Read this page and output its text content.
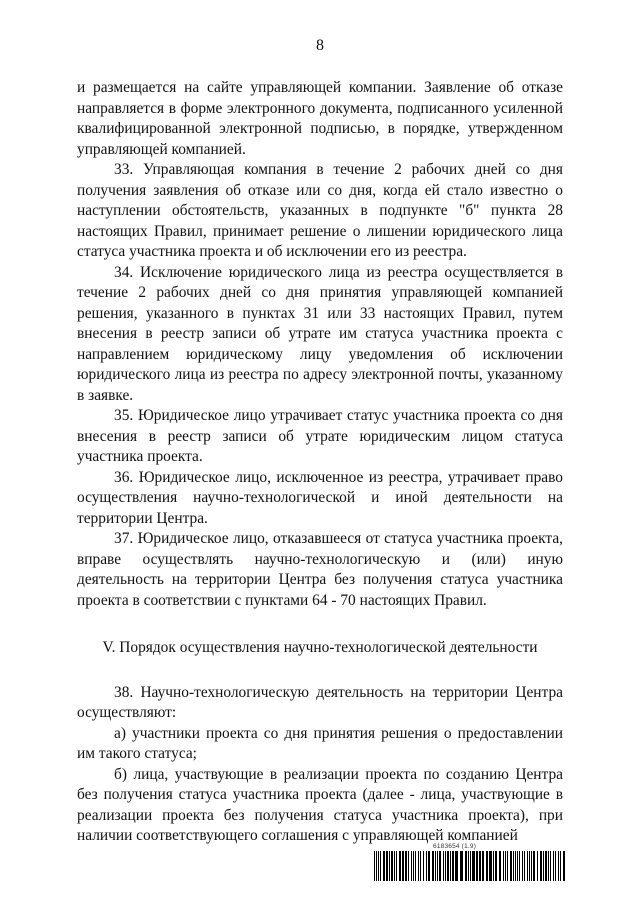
8

и размещается на сайте управляющей компании. Заявление об отказе направляется в форме электронного документа, подписанного усиленной квалифицированной электронной подписью, в порядке, утвержденном управляющей компанией.

33. Управляющая компания в течение 2 рабочих дней со дня получения заявления об отказе или со дня, когда ей стало известно о наступлении обстоятельств, указанных в подпункте "б" пункта 28 настоящих Правил, принимает решение о лишении юридического лица статуса участника проекта и об исключении его из реестра.

34. Исключение юридического лица из реестра осуществляется в течение 2 рабочих дней со дня принятия управляющей компанией решения, указанного в пунктах 31 или 33 настоящих Правил, путем внесения в реестр записи об утрате им статуса участника проекта с направлением юридическому лицу уведомления об исключении юридического лица из реестра по адресу электронной почты, указанному в заявке.

35. Юридическое лицо утрачивает статус участника проекта со дня внесения в реестр записи об утрате юридическим лицом статуса участника проекта.

36. Юридическое лицо, исключенное из реестра, утрачивает право осуществления научно-технологической и иной деятельности на территории Центра.

37. Юридическое лицо, отказавшееся от статуса участника проекта, вправе осуществлять научно-технологическую и (или) иную деятельность на территории Центра без получения статуса участника проекта в соответствии с пунктами 64 - 70 настоящих Правил.

V. Порядок осуществления научно-технологической деятельности

38. Научно-технологическую деятельность на территории Центра осуществляют:

а) участники проекта со дня принятия решения о предоставлении им такого статуса;

б) лица, участвующие в реализации проекта по созданию Центра без получения статуса участника проекта (далее - лица, участвующие в реализации проекта без получения статуса участника проекта), при наличии соответствующего соглашения с управляющей компанией

6183654 (1.9)
